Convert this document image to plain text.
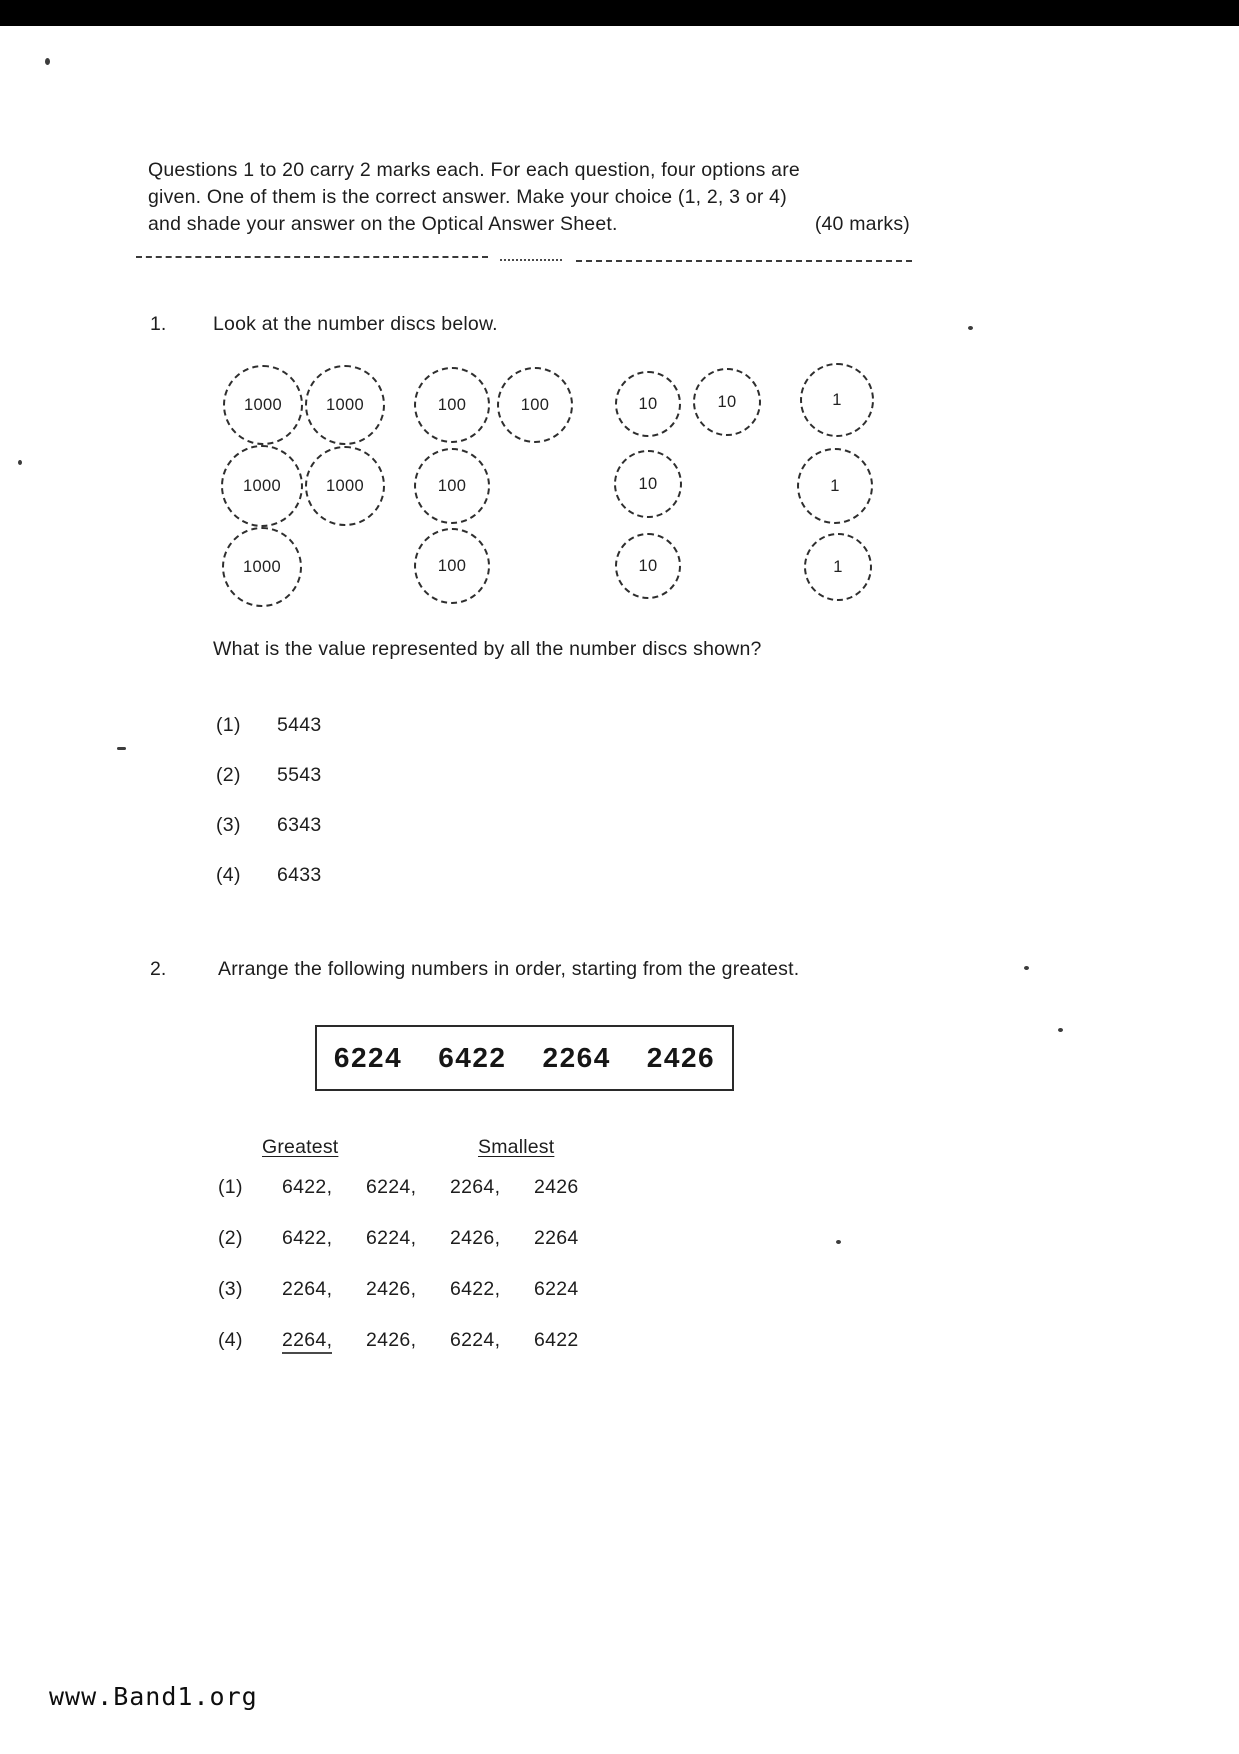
Questions 1 to 20 carry 2 marks each. For each question, four options are
given. One of them is the correct answer. Make your choice (1, 2, 3 or 4)
and shade your answer on the Optical Answer Sheet.	(40 marks)
1. Look at the number discs below.
1000	1000	100	100	10	10	1
1000	1000	100	10	1
1000	100	10	1
What is the value represented by all the number discs shown?
(1) 5443
(2) 5543
(3) 6343
(4) 6433
2.	Arrange the following numbers in order, starting from the greatest.
6224 6422 2264 2426
Greatest	Smallest
(1) 6422, 6224, 2264, 2426
(2) 6422, 6224, 2426, 2264
(3) 2264, 2426, 6422, 6224
(4) 2264, 2426, 6224, 6422
www.Band1.org
